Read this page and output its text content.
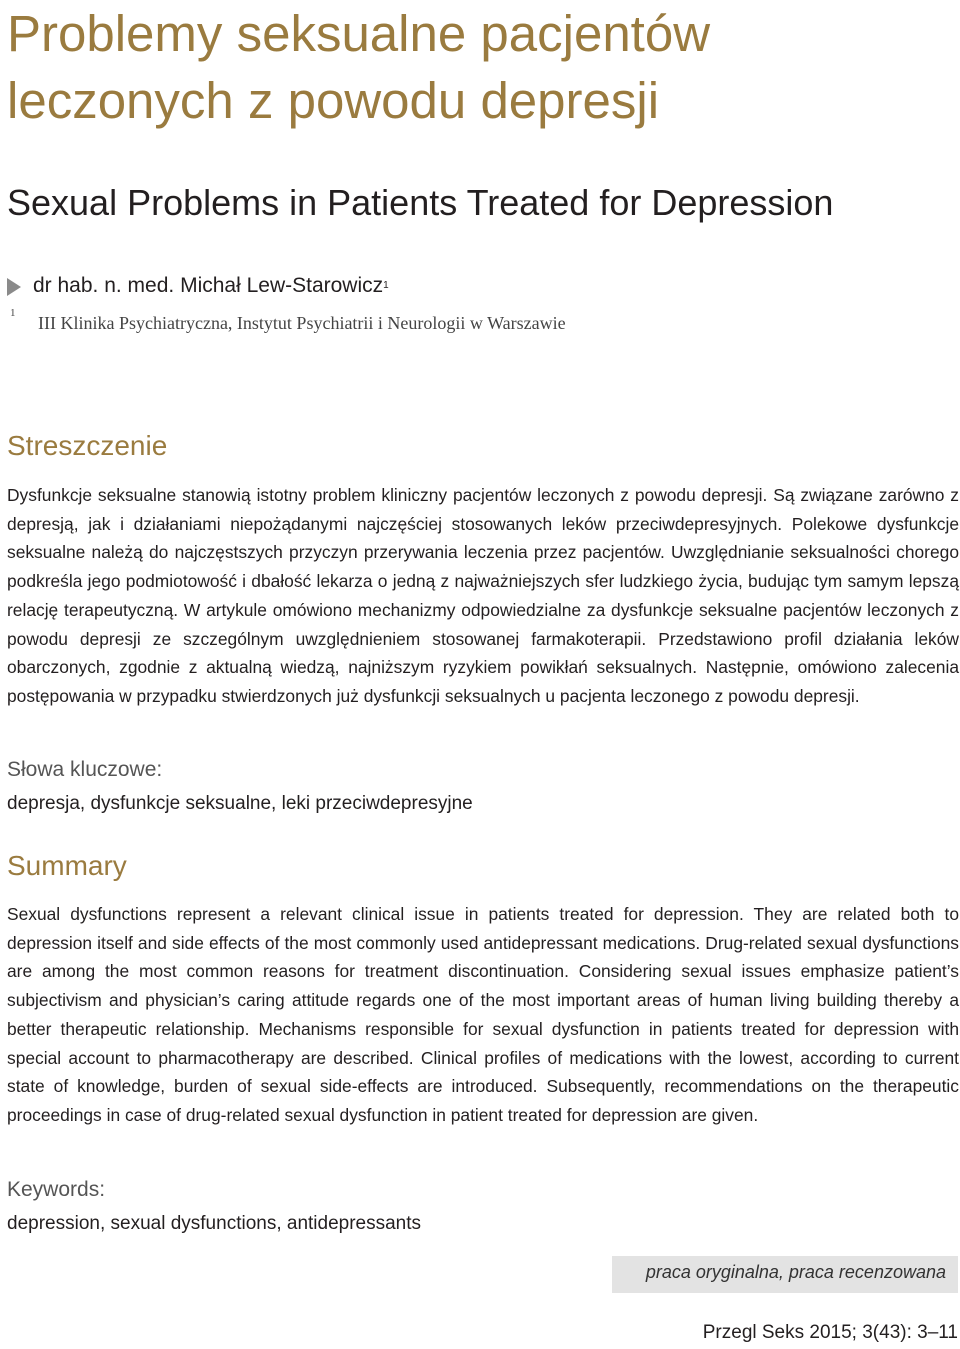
Problemy seksualne pacjentów leczonych z powodu depresji
Sexual Problems in Patients Treated for Depression
dr hab. n. med. Michał Lew-Starowicz 1
1 III Klinika Psychiatryczna, Instytut Psychiatrii i Neurologii w Warszawie
Streszczenie

Dysfunkcje seksualne stanowią istotny problem kliniczny pacjentów leczonych z powodu depresji. Są związane zarówno z depresją, jak i działaniami niepożądanymi najczęściej stosowanych leków przeciwdepresyjnych. Polekowe dysfunkcje seksualne należą do najczęstszych przyczyn przerywania leczenia przez pacjentów. Uwzględnianie seksualności chorego podkreśla jego podmiotowość i dbałość lekarza o jedną z najważniejszych sfer ludzkiego życia, budując tym samym lepszą relację terapeutyczną. W artykule omówiono mechanizmy odpowiedzialne za dysfunkcje seksualne pacjentów leczonych z powodu depresji ze szczególnym uwzględnieniem stosowanej farmakoterapii. Przedstawiono profil działania leków obarczonych, zgodnie z aktualną wiedzą, najniższym ryzykiem powikłań seksualnych. Następnie, omówiono zalecenia postępowania w przypadku stwierdzonych już dysfunkcji seksualnych u pacjenta leczonego z powodu depresji.

Słowa kluczowe:
depresja, dysfunkcje seksualne, leki przeciwdepresyjne
Summary

Sexual dysfunctions represent a relevant clinical issue in patients treated for depression. They are related both to depression itself and side effects of the most commonly used antidepressant medications. Drug-related sexual dysfunctions are among the most common reasons for treatment discontinuation. Considering sexual issues emphasize patient’s subjectivism and physician’s caring attitude regards one of the most important areas of human living building thereby a better therapeutic relationship. Mechanisms responsible for sexual dysfunction in patients treated for depression with special account to pharmacotherapy are described. Clinical profiles of medications with the lowest, according to current state of knowledge, burden of sexual side-effects are introduced. Subsequently, recommendations on the therapeutic proceedings in case of drug-related sexual dysfunction in patient treated for depression are given.

Keywords:
depression, sexual dysfunctions, antidepressants
praca oryginalna, praca recenzowana
Przegl Seks 2015; 3(43): 3–11
